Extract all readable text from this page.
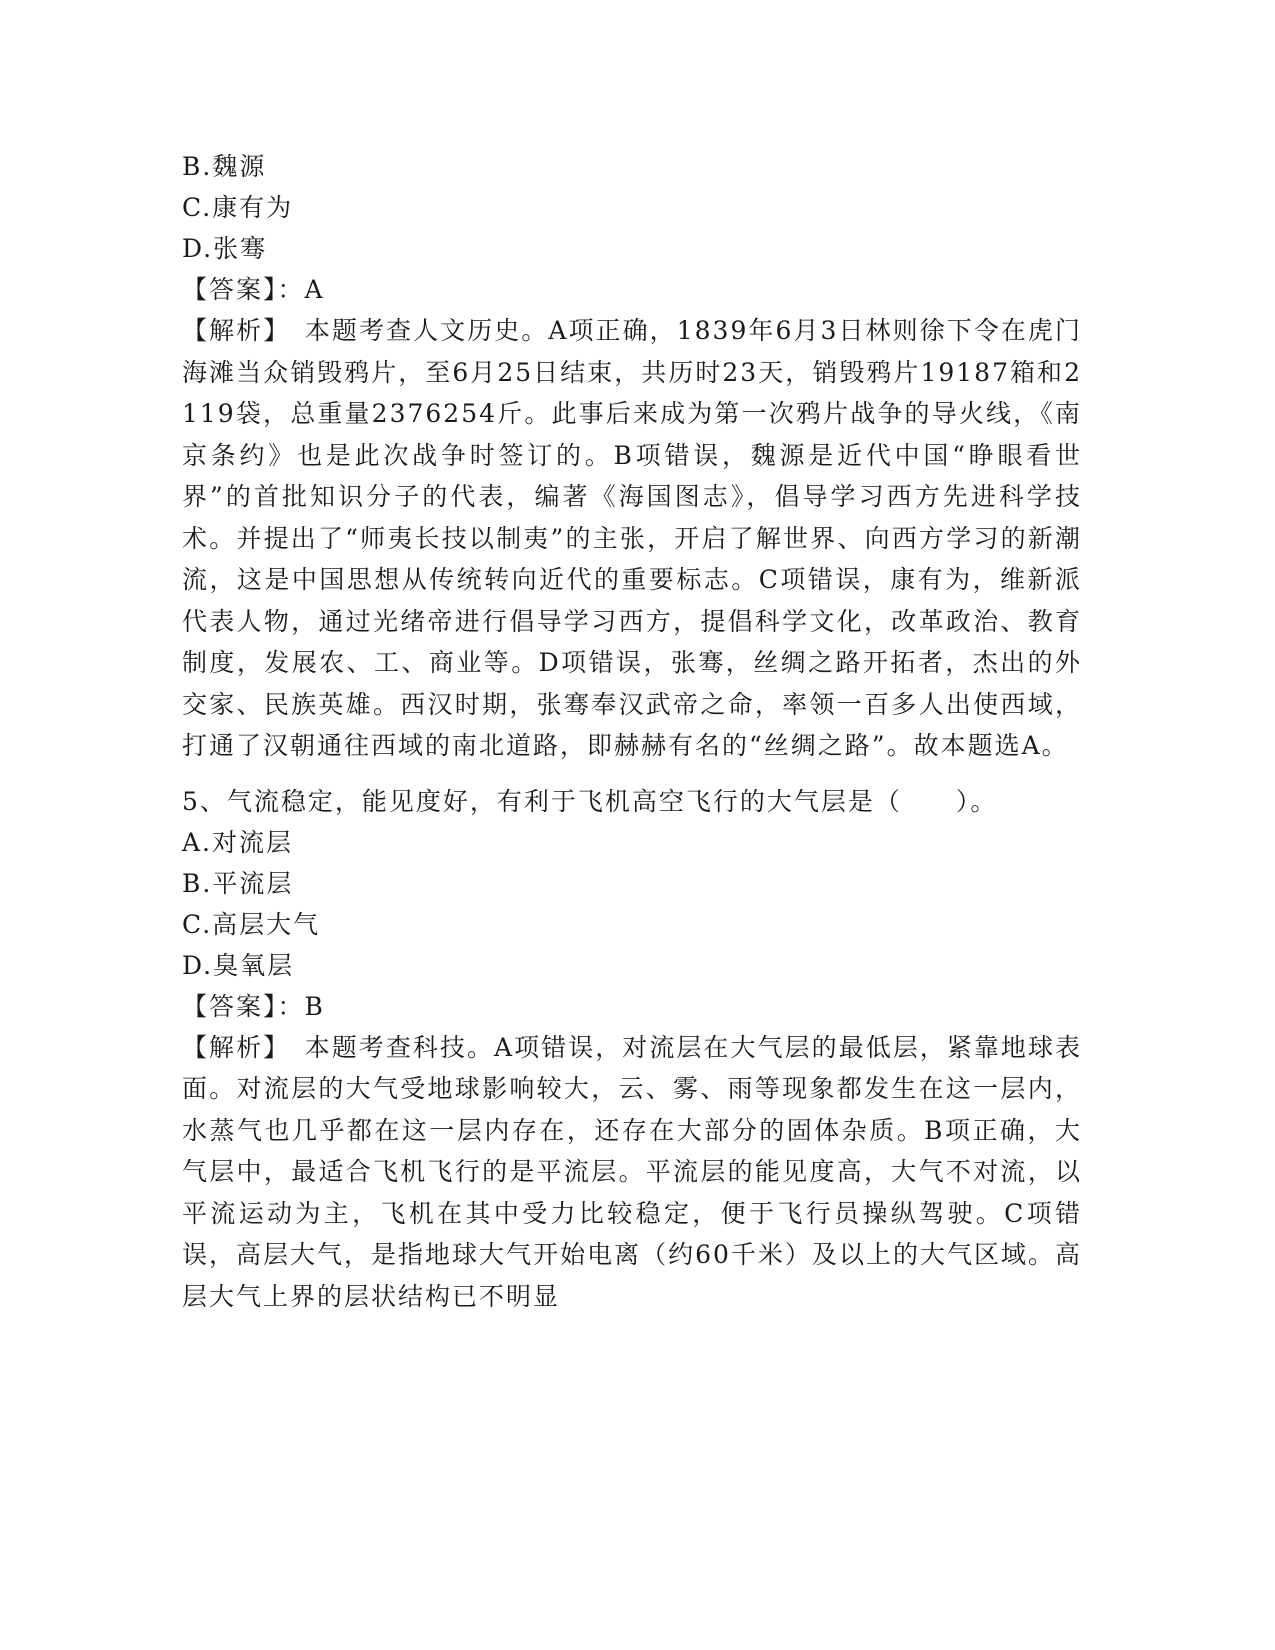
B.魏源
C.康有为
D.张骞
【答案】：A
【解析】　本题考查人文历史。A项正确，1839年6月3日林则徐下令在虎门海滩当众销毁鸦片，至6月25日结束，共历时23天，销毁鸦片19187箱和2119袋，总重量2376254斤。此事后来成为第一次鸦片战争的导火线，《南京条约》也是此次战争时签订的。B项错误，魏源是近代中国“睁眼看世界”的首批知识分子的代表，编著《海国图志》，倡导学习西方先进科学技术。并提出了“师夷长技以制夷”的主张，开启了解世界、向西方学习的新潮流，这是中国思想从传统转向近代的重要标志。C项错误，康有为，维新派代表人物，通过光绪帝进行倡导学习西方，提倡科学文化，改革政治、教育制度，发展农、工、商业等。D项错误，张骞，丝绸之路开拓者，杰出的外交家、民族英雄。西汉时期，张骞奉汉武帝之命，率领一百多人出使西域，打通了汉朝通往西域的南北道路，即赫赫有名的“丝绸之路”。故本题选A。
5、气流稳定，能见度好，有利于飞机高空飞行的大气层是（　　）。
A.对流层
B.平流层
C.高层大气
D.臭氧层
【答案】：B
【解析】　本题考查科技。A项错误，对流层在大气层的最低层，紧靠地球表面。对流层的大气受地球影响较大，云、雾、雨等现象都发生在这一层内，水蒸气也几乎都在这一层内存在，还存在大部分的固体杂质。B项正确，大气层中，最适合飞机飞行的是平流层。平流层的能见度高，大气不对流，以平流运动为主，飞机在其中受力比较稳定，便于飞行员操纵驾驶。C项错误，高层大气，是指地球大气开始电离（约60千米）及以上的大气区域。高层大气上界的层状结构已不明显
